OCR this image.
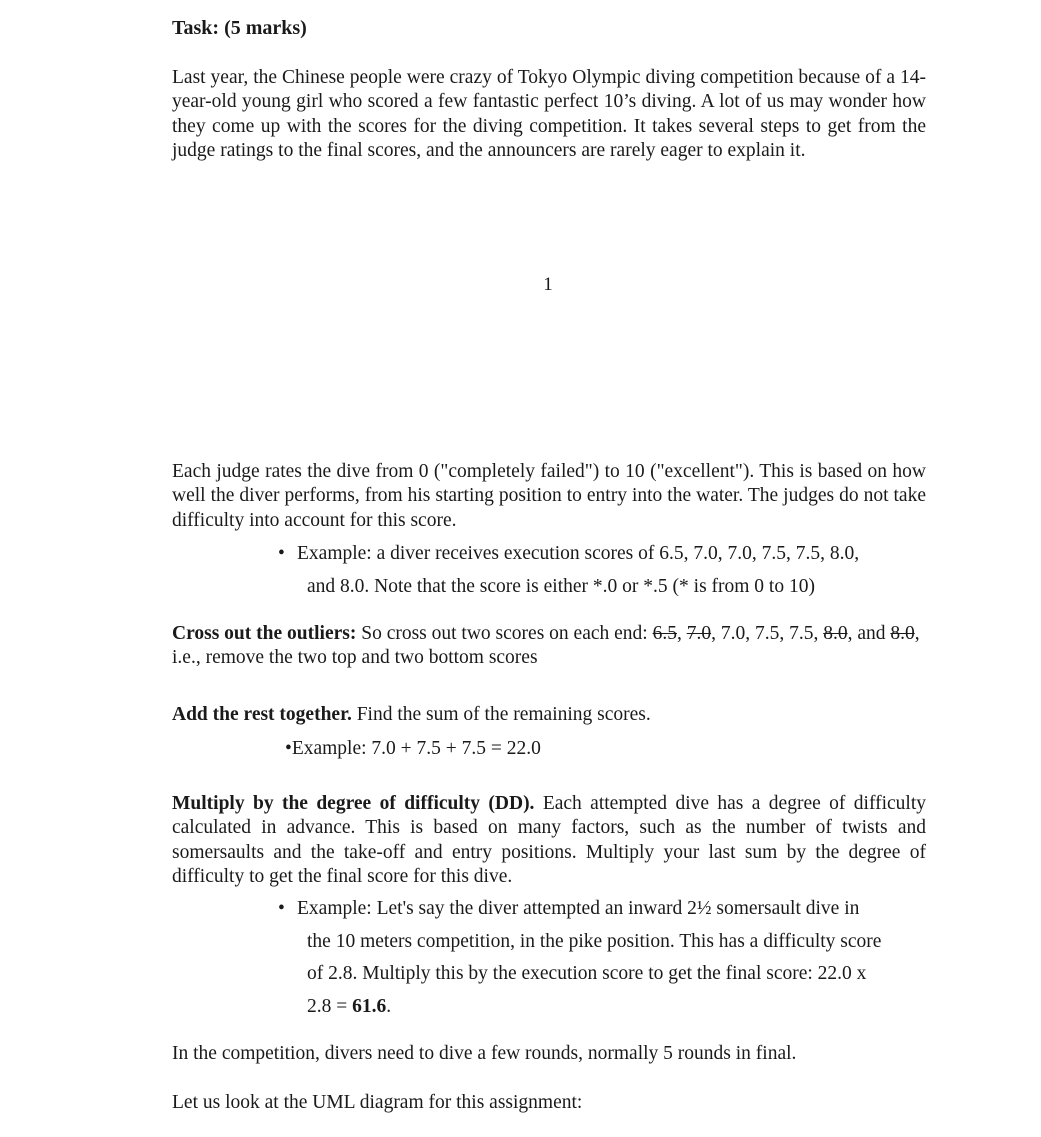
Task: (5 marks)
Last year, the Chinese people were crazy of Tokyo Olympic diving competition because of a 14-year-old young girl who scored a few fantastic perfect 10’s diving. A lot of us may wonder how they come up with the scores for the diving competition. It takes several steps to get from the judge ratings to the final scores, and the announcers are rarely eager to explain it.
1
Each judge rates the dive from 0 ("completely failed") to 10 ("excellent"). This is based on how well the diver performs, from his starting position to entry into the water. The judges do not take difficulty into account for this score.
• Example: a diver receives execution scores of 6.5, 7.0, 7.0, 7.5, 7.5, 8.0,
and 8.0. Note that the score is either *.0 or *.5 (* is from 0 to 10)
Cross out the outliers: So cross out two scores on each end: 6.5, 7.0, 7.0, 7.5, 7.5, 8.0, and 8.0, i.e., remove the two top and two bottom scores
Add the rest together. Find the sum of the remaining scores.
•Example: 7.0 + 7.5 + 7.5 = 22.0
Multiply by the degree of difficulty (DD). Each attempted dive has a degree of difficulty calculated in advance. This is based on many factors, such as the number of twists and somersaults and the take-off and entry positions. Multiply your last sum by the degree of difficulty to get the final score for this dive.
• Example: Let's say the diver attempted an inward 2½ somersault dive in
the 10 meters competition, in the pike position. This has a difficulty score
of 2.8. Multiply this by the execution score to get the final score: 22.0 x
2.8 = 61.6.
In the competition, divers need to dive a few rounds, normally 5 rounds in final.
Let us look at the UML diagram for this assignment:
